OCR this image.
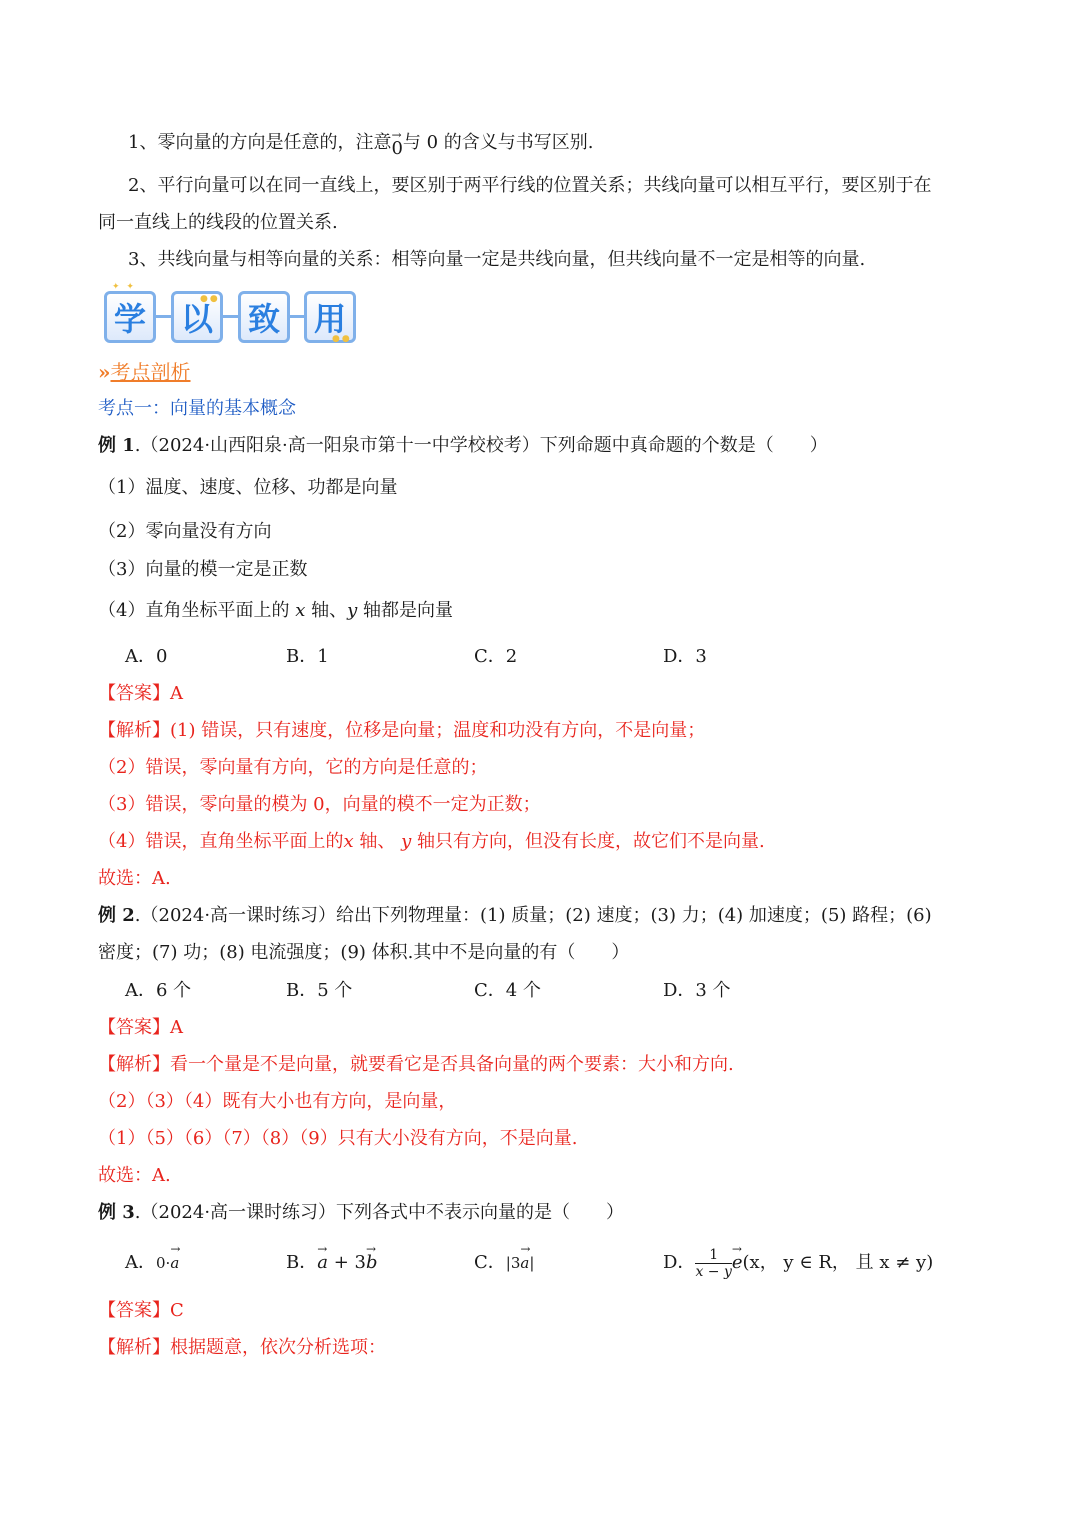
1、零向量的方向是任意的，注意→ 0与 0 的含义与书写区别.
2、平行向量可以在同一直线上，要区别于两平行线的位置关系；共线向量可以相互平行，要区别于在
同一直线上的线段的位置关系.
3、共线向量与相等向量的关系：相等向量一定是共线向量，但共线向量不一定是相等的向量.
学	以	致	用
✦ ✦
●●
●●
»考点剖析
考点一：向量的基本概念
例 1.（2024·山西阳泉·高一阳泉市第十一中学校校考）下列命题中真命题的个数是（　　）
（1）温度、速度、位移、功都是向量
（2）零向量没有方向
（3）向量的模一定是正数
（4）直角坐标平面上的 x 轴、y 轴都是向量
A．0	B．1	C．2	D．3
【答案】A
【解析】(1) 错误，只有速度，位移是向量；温度和功没有方向，不是向量；
（2）错误，零向量有方向，它的方向是任意的；
（3）错误，零向量的模为 0，向量的模不一定为正数；
（4）错误，直角坐标平面上的x 轴、 y 轴只有方向，但没有长度，故它们不是向量.
故选：A.
例 2.（2024·高一课时练习）给出下列物理量：(1) 质量；(2) 速度；(3) 力；(4) 加速度；(5) 路程；(6)
密度；(7) 功；(8) 电流强度；(9) 体积.其中不是向量的有（　　）
A．6 个	B．5 个	C．4 个	D．3 个
【答案】A
【解析】看一个量是不是向量，就要看它是否具备向量的两个要素：大小和方向.
（2）（3）（4）既有大小也有方向，是向量，
（1）（5）（6）（7）（8）（9）只有大小没有方向，不是向量.
故选：A.
例 3.（2024·高一课时练习）下列各式中不表示向量的是（　　）
A．0·→ a	B．→ a + 3→ b	C．|3→ a|	D． $\frac{1}{x - y}$
→ e(x， y ∈ R， 且 x ≠ y)
【答案】C
【解析】根据题意，依次分析选项：
